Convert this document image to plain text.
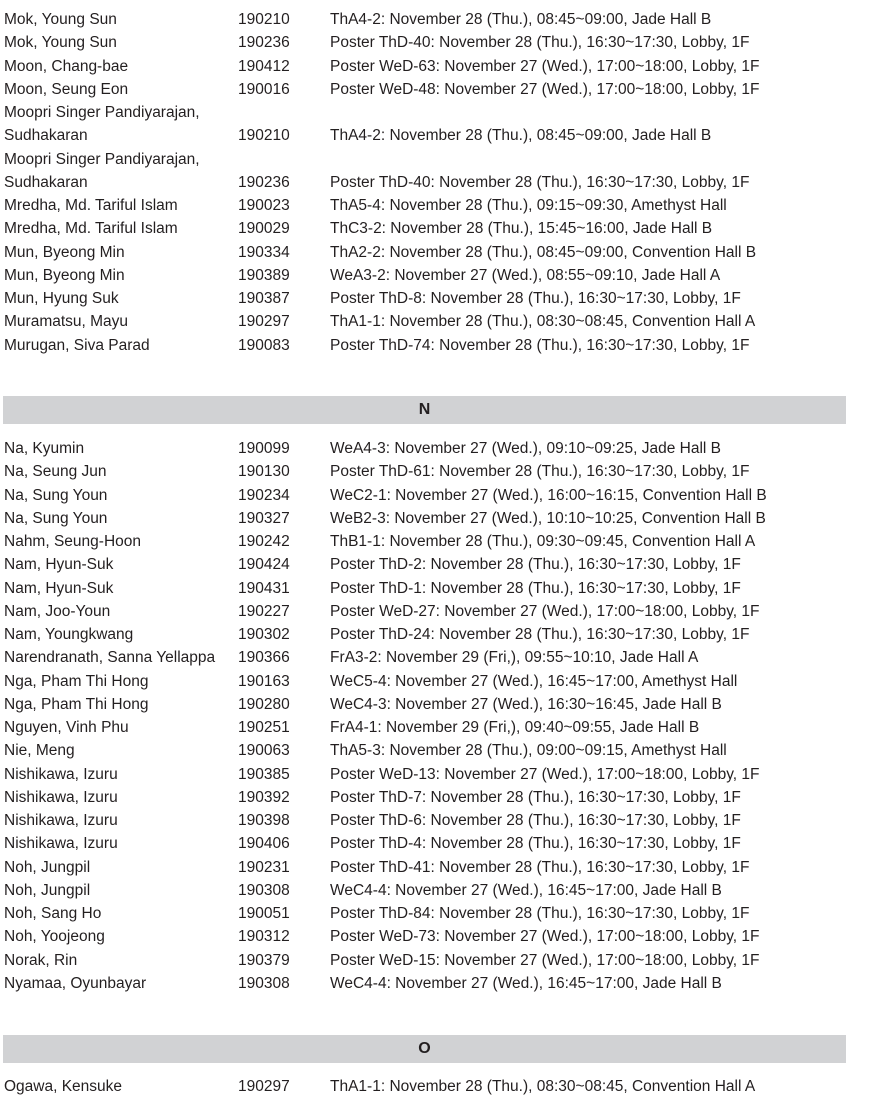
Mok, Young Sun	190210	ThA4-2: November 28 (Thu.), 08:45~09:00, Jade Hall B
Mok, Young Sun	190236	Poster ThD-40: November 28 (Thu.), 16:30~17:30, Lobby, 1F
Moon, Chang-bae	190412	Poster WeD-63: November 27 (Wed.), 17:00~18:00, Lobby, 1F
Moon, Seung Eon	190016	Poster WeD-48: November 27 (Wed.), 17:00~18:00, Lobby, 1F
Moopri Singer Pandiyarajan, Sudhakaran	190210	ThA4-2: November 28 (Thu.), 08:45~09:00, Jade Hall B
Moopri Singer Pandiyarajan, Sudhakaran	190236	Poster ThD-40: November 28 (Thu.), 16:30~17:30, Lobby, 1F
Mredha, Md. Tariful Islam	190023	ThA5-4: November 28 (Thu.), 09:15~09:30, Amethyst Hall
Mredha, Md. Tariful Islam	190029	ThC3-2: November 28 (Thu.), 15:45~16:00, Jade Hall B
Mun, Byeong Min	190334	ThA2-2: November 28 (Thu.), 08:45~09:00, Convention Hall B
Mun, Byeong Min	190389	WeA3-2: November 27 (Wed.), 08:55~09:10, Jade Hall A
Mun, Hyung Suk	190387	Poster ThD-8: November 28 (Thu.), 16:30~17:30, Lobby, 1F
Muramatsu, Mayu	190297	ThA1-1: November 28 (Thu.), 08:30~08:45, Convention Hall A
Murugan, Siva Parad	190083	Poster ThD-74: November 28 (Thu.), 16:30~17:30, Lobby, 1F
N
Na, Kyumin	190099	WeA4-3: November 27 (Wed.), 09:10~09:25, Jade Hall B
Na, Seung Jun	190130	Poster ThD-61: November 28 (Thu.), 16:30~17:30, Lobby, 1F
Na, Sung Youn	190234	WeC2-1: November 27 (Wed.), 16:00~16:15, Convention Hall B
Na, Sung Youn	190327	WeB2-3: November 27 (Wed.), 10:10~10:25, Convention Hall B
Nahm, Seung-Hoon	190242	ThB1-1: November 28 (Thu.), 09:30~09:45, Convention Hall A
Nam, Hyun-Suk	190424	Poster ThD-2: November 28 (Thu.), 16:30~17:30, Lobby, 1F
Nam, Hyun-Suk	190431	Poster ThD-1: November 28 (Thu.), 16:30~17:30, Lobby, 1F
Nam, Joo-Youn	190227	Poster WeD-27: November 27 (Wed.), 17:00~18:00, Lobby, 1F
Nam, Youngkwang	190302	Poster ThD-24: November 28 (Thu.), 16:30~17:30, Lobby, 1F
Narendranath, Sanna Yellappa	190366	FrA3-2: November 29 (Fri,), 09:55~10:10, Jade Hall A
Nga, Pham Thi Hong	190163	WeC5-4: November 27 (Wed.), 16:45~17:00, Amethyst Hall
Nga, Pham Thi Hong	190280	WeC4-3: November 27 (Wed.), 16:30~16:45, Jade Hall B
Nguyen, Vinh Phu	190251	FrA4-1: November 29 (Fri,), 09:40~09:55, Jade Hall B
Nie, Meng	190063	ThA5-3: November 28 (Thu.), 09:00~09:15, Amethyst Hall
Nishikawa, Izuru	190385	Poster WeD-13: November 27 (Wed.), 17:00~18:00, Lobby, 1F
Nishikawa, Izuru	190392	Poster ThD-7: November 28 (Thu.), 16:30~17:30, Lobby, 1F
Nishikawa, Izuru	190398	Poster ThD-6: November 28 (Thu.), 16:30~17:30, Lobby, 1F
Nishikawa, Izuru	190406	Poster ThD-4: November 28 (Thu.), 16:30~17:30, Lobby, 1F
Noh, Jungpil	190231	Poster ThD-41: November 28 (Thu.), 16:30~17:30, Lobby, 1F
Noh, Jungpil	190308	WeC4-4: November 27 (Wed.), 16:45~17:00, Jade Hall B
Noh, Sang Ho	190051	Poster ThD-84: November 28 (Thu.), 16:30~17:30, Lobby, 1F
Noh, Yoojeong	190312	Poster WeD-73: November 27 (Wed.), 17:00~18:00, Lobby, 1F
Norak, Rin	190379	Poster WeD-15: November 27 (Wed.), 17:00~18:00, Lobby, 1F
Nyamaa, Oyunbayar	190308	WeC4-4: November 27 (Wed.), 16:45~17:00, Jade Hall B
O
Ogawa, Kensuke	190297	ThA1-1: November 28 (Thu.), 08:30~08:45, Convention Hall A
